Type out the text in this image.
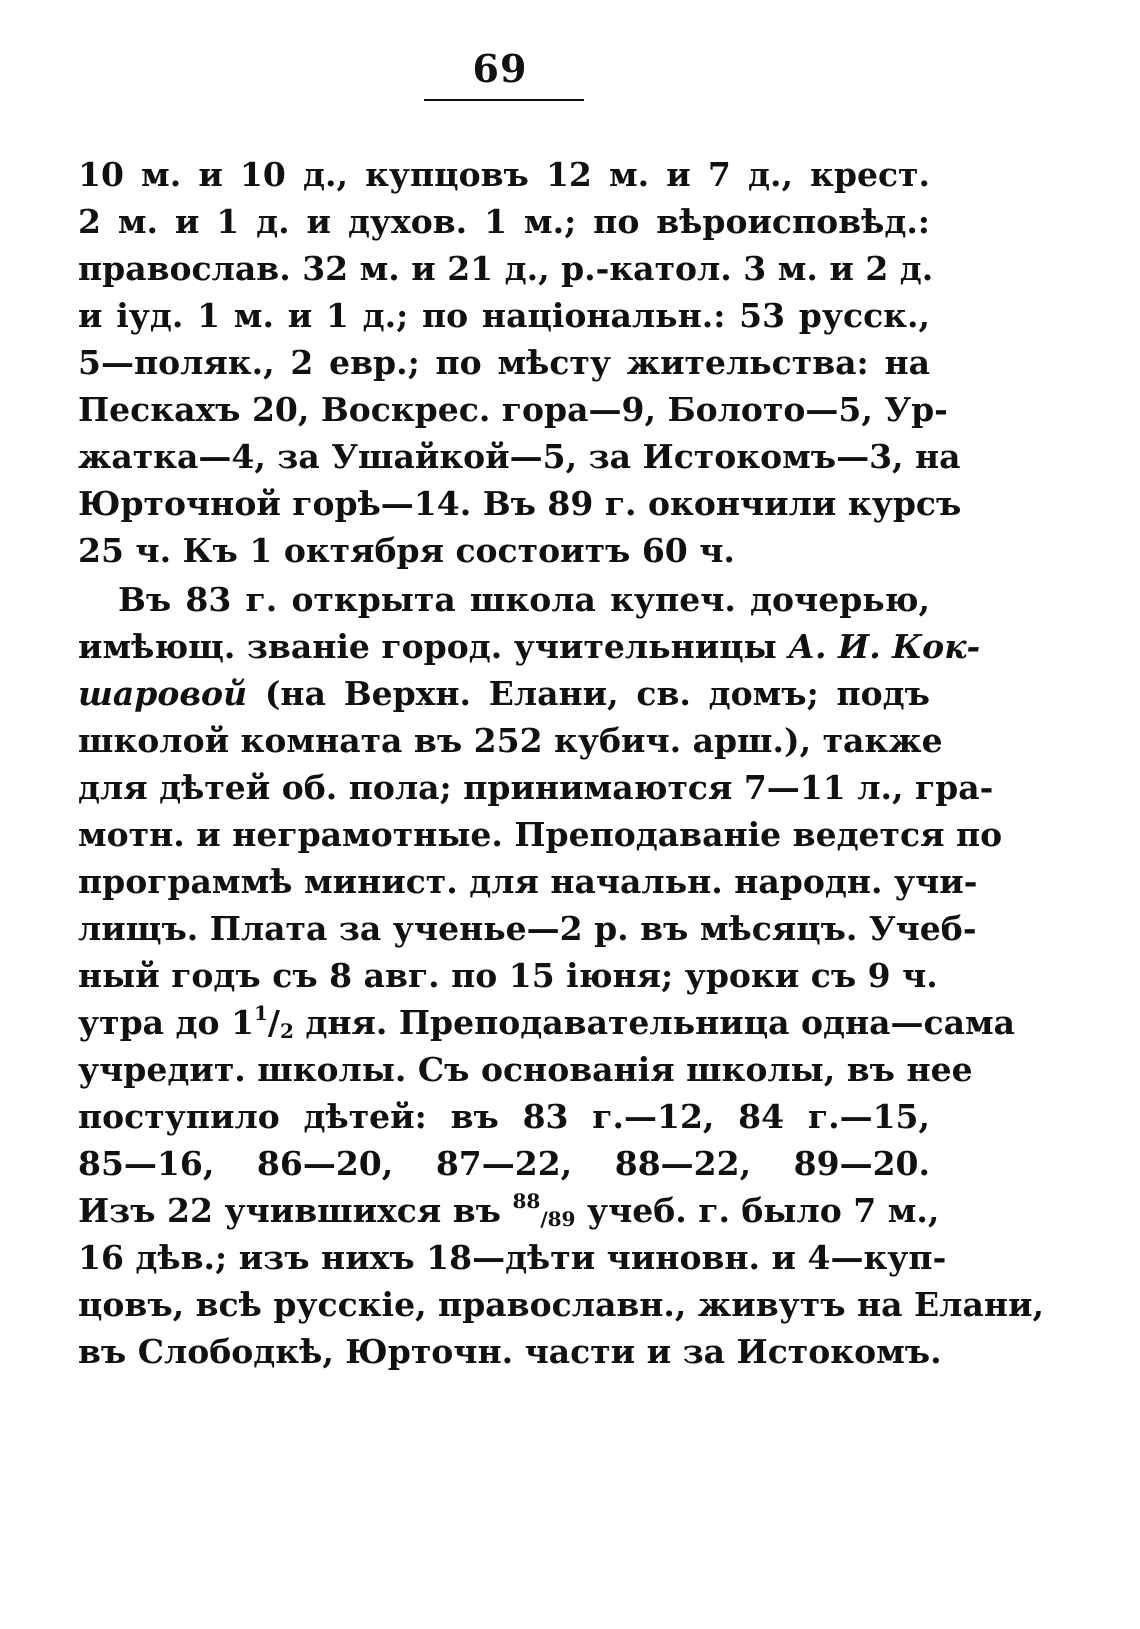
69
10 м. и 10 д., купцовъ 12 м. и 7 д., крест.
2 м. и 1 д. и духов. 1 м.; по вѣроисповѣд.:
православ. 32 м. и 21 д., р.-катол. 3 м. и 2 д.
и іуд. 1 м. и 1 д.; по національн.: 53 русск.,
5—поляк., 2 евр.; по мѣсту жительства: на
Пескахъ 20, Воскрес. гора—9, Болото—5, Ур-
жатка—4, за Ушайкой—5, за Истокомъ—3, на
Юрточной горѣ—14. Въ 89 г. окончили курсъ
25 ч. Къ 1 октября состоитъ 60 ч.
Въ 83 г. открыта школа купеч. дочерью,
имѣющ. званіе город. учительницы А. И. Кок-
шаровой (на Верхн. Елани, св. домъ; подъ
школой комната въ 252 кубич. арш.), также
для дѣтей об. пола; принимаются 7—11 л., гра-
мотн. и неграмотные. Преподаваніе ведется по
программѣ минист. для начальн. народн. учи-
лищъ. Плата за ученье—2 р. въ мѣсяцъ. Учеб-
ный годъ съ 8 авг. по 15 іюня; уроки съ 9 ч.
утра до $1^1/_2$ дня. Преподавательница одна—сама
учредит. школы. Съ основанія школы, въ нее
поступило дѣтей: въ 83 г.—12, 84 г.—15,
85—16, 86—20, 87—22, 88—22, 89—20.
Изъ 22 учившихся въ $^{88}_{/89}$ учеб. г. было 7 м.,
16 дѣв.; изъ нихъ 18—дѣти чиновн. и 4—куп-
цовъ, всѣ русскіе, православн., живутъ на Елани,
въ Слободкѣ, Юрточн. части и за Истокомъ.
